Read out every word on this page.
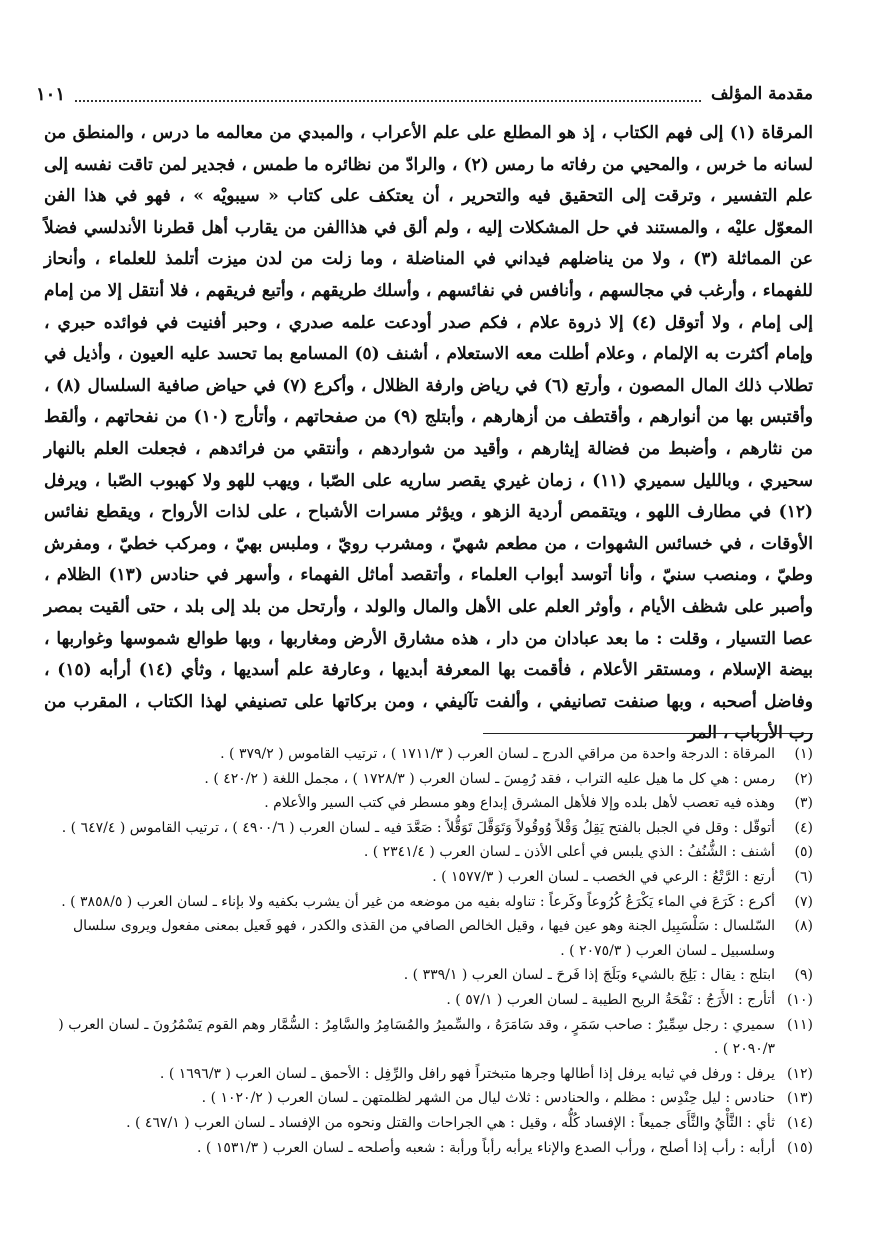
مقدمة المؤلف
١٠١

المرقاة (١) إلى فهم الكتاب ، إذ هو المطلع على علم الأعراب ، والمبدي من معالمه ما درس ، والمنطق من لسانه ما خرس ، والمحيي من رفاته ما رمس (٢) ، والرادّ من نظائره ما طمس ، فجدير لمن تاقت نفسه إلى علم التفسير ، وترقت إلى التحقيق فيه والتحرير ، أن يعتكف على كتاب « سيبويْه » ، فهو في هذا الفن المعوّل عليْه ، والمستند في حل المشكلات إليه ، ولم ألق في هذاالفن من يقارب أهل قطرنا الأندلسي فضلاً عن المماثلة (٣) ، ولا من يناضلهم فيداني في المناضلة ، وما زلت من لدن ميزت أتلمذ للعلماء ، وأنحاز للفهماء ، وأرغب في مجالسهم ، وأنافس في نفائسهم ، وأسلك طريقهم ، وأتبع فريقهم ، فلا أنتقل إلا من إمام إلى إمام ، ولا أتوقل (٤) إلا ذروة علام ، فكم صدر أودعت علمه صدري ، وحبر أفنيت في فوائده حبري ، وإمام أكثرت به الإلمام ، وعلام أطلت معه الاستعلام ، أشنف (٥) المسامع بما تحسد عليه العيون ، وأذيل في تطلاب ذلك المال المصون ، وأرتع (٦) في رياض وارفة الظلال ، وأكرع (٧) في حياض صافية السلسال (٨) ، وأقتبس بها من أنوارهم ، وأقتطف من أزهارهم ، وأبتلج (٩) من صفحاتهم ، وأتأرج (١٠) من نفحاتهم ، وألقط من نثارهم ، وأضبط من فضالة إيثارهم ، وأقيد من شواردهم ، وأنتقي من فرائدهم ، فجعلت العلم بالنهار سحيري ، وبالليل سميري (١١) ، زمان غيري يقصر ساريه على الصّبا ، ويهب للهو ولا كهبوب الصّبا ، ويرفل (١٢) في مطارف اللهو ، ويتقمص أردية الزهو ، ويؤثر مسرات الأشباح ، على لذات الأرواح ، ويقطع نفائس الأوقات ، في خسائس الشهوات ، من مطعم شهيّ ، ومشرب رويّ ، وملبس بهيّ ، ومركب خطيّ ، ومفرش وطيّ ، ومنصب سنيّ ، وأنا أتوسد أبواب العلماء ، وأتقصد أماثل الفهماء ، وأسهر في حنادس (١٣) الظلام ، وأصبر على شظف الأيام ، وأوثر العلم على الأهل والمال والولد ، وأرتحل من بلد إلى بلد ، حتى ألقيت بمصر عصا التسيار ، وقلت : ما بعد عبادان من دار ، هذه مشارق الأرض ومغاربها ، وبها طوالع شموسها وغواربها ، بيضة الإسلام ، ومستقر الأعلام ، فأقمت بها المعرفة أبديها ، وعارفة علم أسديها ، وثأي (١٤) أرأبه (١٥) ، وفاضل أصحبه ، وبها صنفت تصانيفي ، وألفت تآليفي ، ومن بركاتها على تصنيفي لهذا الكتاب ، المقرب من رب الأرباب ، المر

(١)
المرقاة : الدرجة واحدة من مراقي الدرج ـ لسان العرب ( ١٧١١/٣ ) ، ترتيب القاموس ( ٣٧٩/٢ ) .
(٢)
رمس : هي كل ما هيل عليه التراب ، فقد رُمِسَ ـ لسان العرب ( ١٧٢٨/٣ ) ، مجمل اللغة ( ٤٢٠/٢ ) .
(٣)
وهذه فيه تعصب لأهل بلده وإلا فلأهل المشرق إبداع وهو مسطر في كتب السير والأعلام .
(٤)
أتوقّل : وقل في الجبل بالفتح يَقِلُ وَقْلاً وُوقُولاً وَتَوَقَّلَ تَوَقُّلاً : صَعَّدَ فيه ـ لسان العرب ( ٤٩٠٠/٦ ) ، ترتيب القاموس ( ٦٤٧/٤ ) .
(٥)
أشنف : الشُّنُفُ : الذي يلبس في أعلى الأذن ـ لسان العرب ( ٢٣٤١/٤ ) .
(٦)
أرتع : الرَّتْعُ : الرعي في الخصب ـ لسان العرب ( ١٥٧٧/٣ ) .
(٧)
أكرع : كَرَعَ في الماء يَكْرَعُ كُرُوعاً وكَرعاً : تناوله بفيه من موضعه من غير أن يشرب بكفيه ولا بإناء ـ لسان العرب ( ٣٨٥٨/٥ ) .
(٨)
السّلسال : سَلْسَبِيل الجنة وهو عين فيها ، وقيل الخالص الصافي من القذى والكدر ، فهو فَعيل بمعنى مفعول ويروى سلسال وسلسبيل ـ لسان العرب ( ٢٠٧٥/٣ ) .
(٩)
ابتلج : يقال : بَلِجَ بالشيء وبَلَجَ إذا فَرحَ ـ لسان العرب ( ٣٣٩/١ ) .
(١٠)
أتأرج : الأَرَجُ : نَفْحَةُ الريح الطيبة ـ لسان العرب ( ٥٧/١ ) .
(١١)
سميري : رجل سِمِّيرٌ : صاحب سَمَرٍ ، وقد سَامَرَهُ ، والسِّميرُ والمُسَامِرُ والسَّامِرُ : السُّمَّار وهم القوم يَسْمُرُونَ ـ لسان العرب ( ٢٠٩٠/٣ ) .
(١٢)
يرفل : ورفل في ثيابه يرفل إذا أطالها وجرها متبختراً فهو رافل والرِّفِل : الأحمق ـ لسان العرب ( ١٦٩٦/٣ ) .
(١٣)
حنادس : ليل حِنْدِس : مظلم ، والحنادس : ثلاث ليال من الشهر لظلمتهن ـ لسان العرب ( ١٠٢٠/٢ ) .
(١٤)
ثأي : الثَّأْيُ والثَّأَى جميعاً : الإفساد كُلُّه ، وقيل : هي الجراحات والقتل ونحوه من الإفساد ـ لسان العرب ( ٤٦٧/١ ) .
(١٥)
أرأبه : رأب إذا أصلح ، ورأب الصدع والإناء يرأبه رأباً ورأبة : شعبه وأصلحه ـ لسان العرب ( ١٥٣١/٣ ) .
